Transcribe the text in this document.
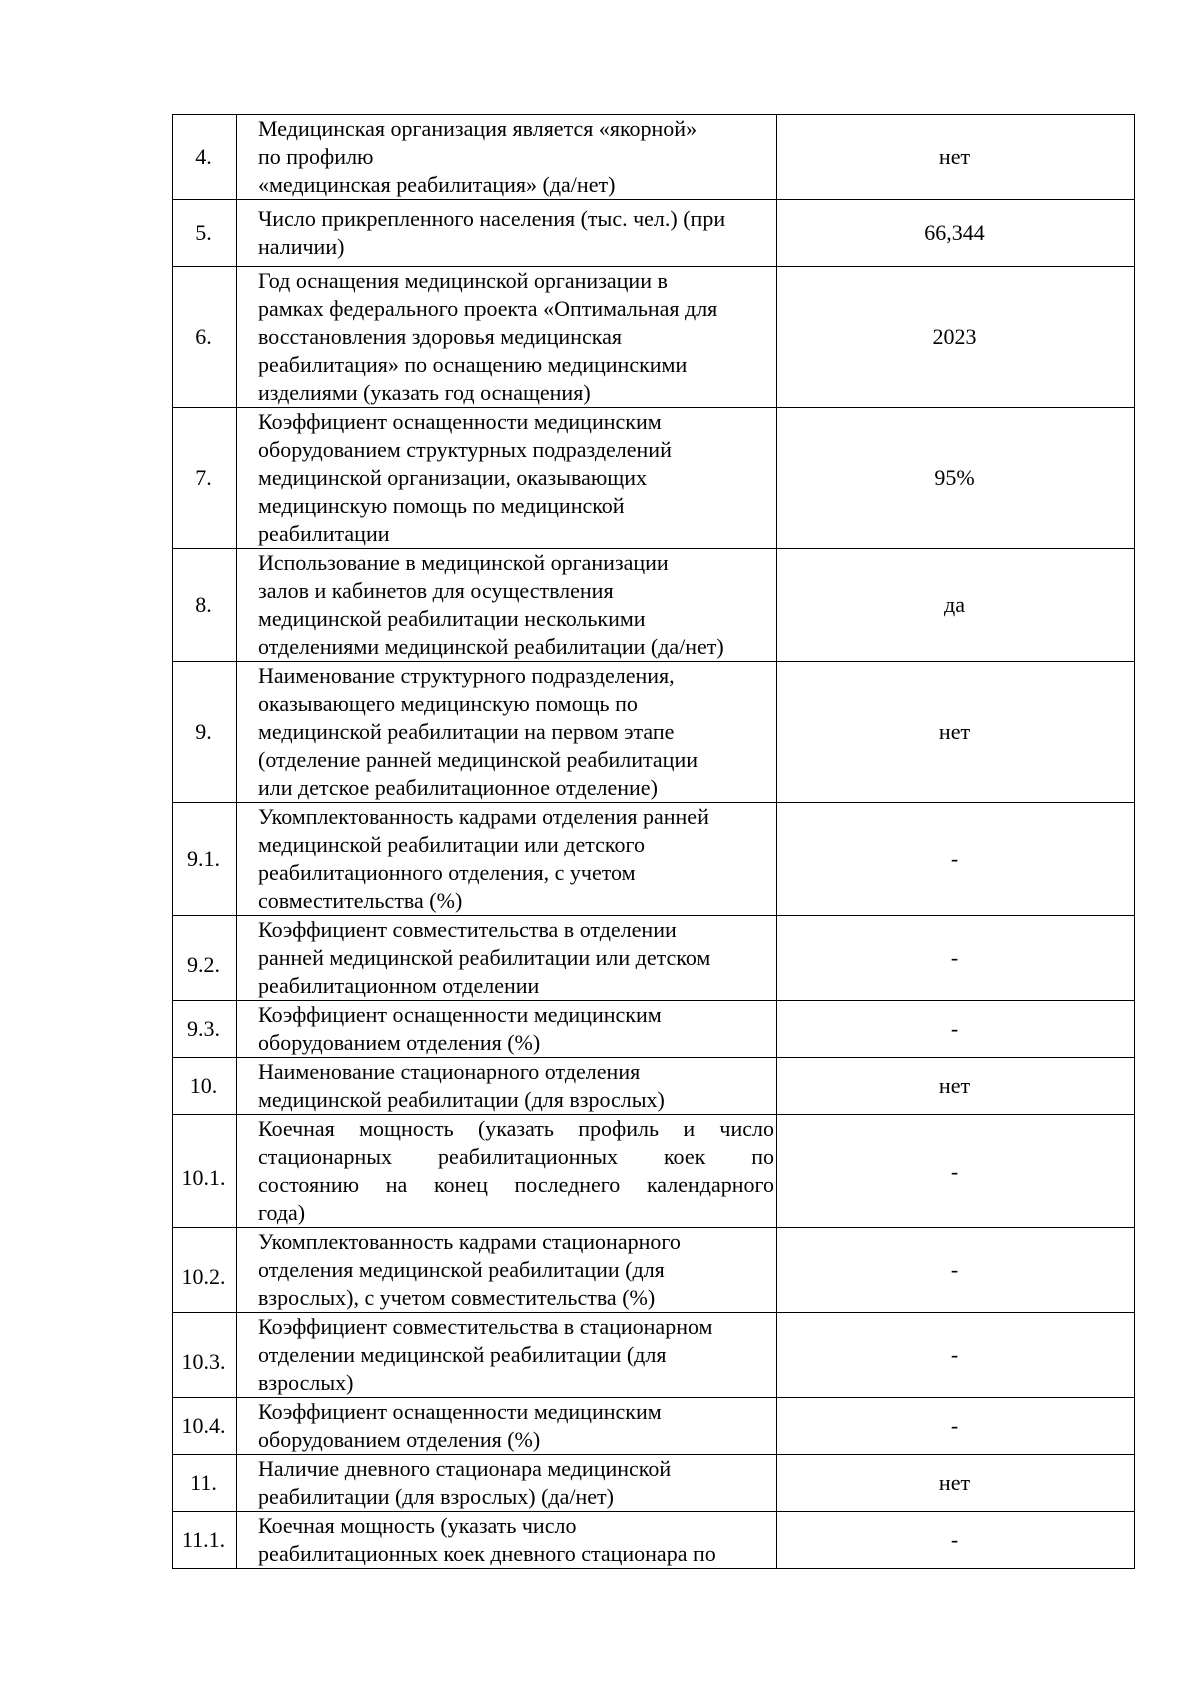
4.	Медицинская организация является «якорной»
по профилю
«медицинская реабилитация» (да/нет)	нет
5.	Число прикрепленного населения (тыс. чел.) (при
наличии)	66,344
6.	Год оснащения медицинской организации в
рамках федерального проекта «Оптимальная для
восстановления здоровья медицинская
реабилитация» по оснащению медицинскими
изделиями (указать год оснащения)	2023
7.	Коэффициент оснащенности медицинским
оборудованием структурных подразделений
медицинской организации, оказывающих
медицинскую помощь по медицинской
реабилитации	95%
8.	Использование в медицинской организации
залов и кабинетов для осуществления
медицинской реабилитации несколькими
отделениями медицинской реабилитации (да/нет)	да
9.	Наименование структурного подразделения,
оказывающего медицинскую помощь по
медицинской реабилитации на первом этапе
(отделение ранней медицинской реабилитации
или детское реабилитационное отделение)	нет
9.1.	Укомплектованность кадрами отделения ранней
медицинской реабилитации или детского
реабилитационного отделения, с учетом
совместительства (%)	-
9.2.	Коэффициент совместительства в отделении
ранней медицинской реабилитации или детском
реабилитационном отделении	-
9.3.	Коэффициент оснащенности медицинским
оборудованием отделения (%)	-
10.	Наименование стационарного отделения
медицинской реабилитации (для взрослых)	нет
10.1.	Коечная мощность (указать профиль и число
стационарных реабилитационных коек по
состоянию на конец последнего календарного
года)	-
10.2.	Укомплектованность кадрами стационарного
отделения медицинской реабилитации (для
взрослых), с учетом совместительства (%)	-
10.3.	Коэффициент совместительства в стационарном
отделении медицинской реабилитации (для
взрослых)	-
10.4.	Коэффициент оснащенности медицинским
оборудованием отделения (%)	-
11.	Наличие дневного стационара медицинской
реабилитации (для взрослых) (да/нет)	нет
11.1.	Коечная мощность (указать число
реабилитационных коек дневного стационара по	-
